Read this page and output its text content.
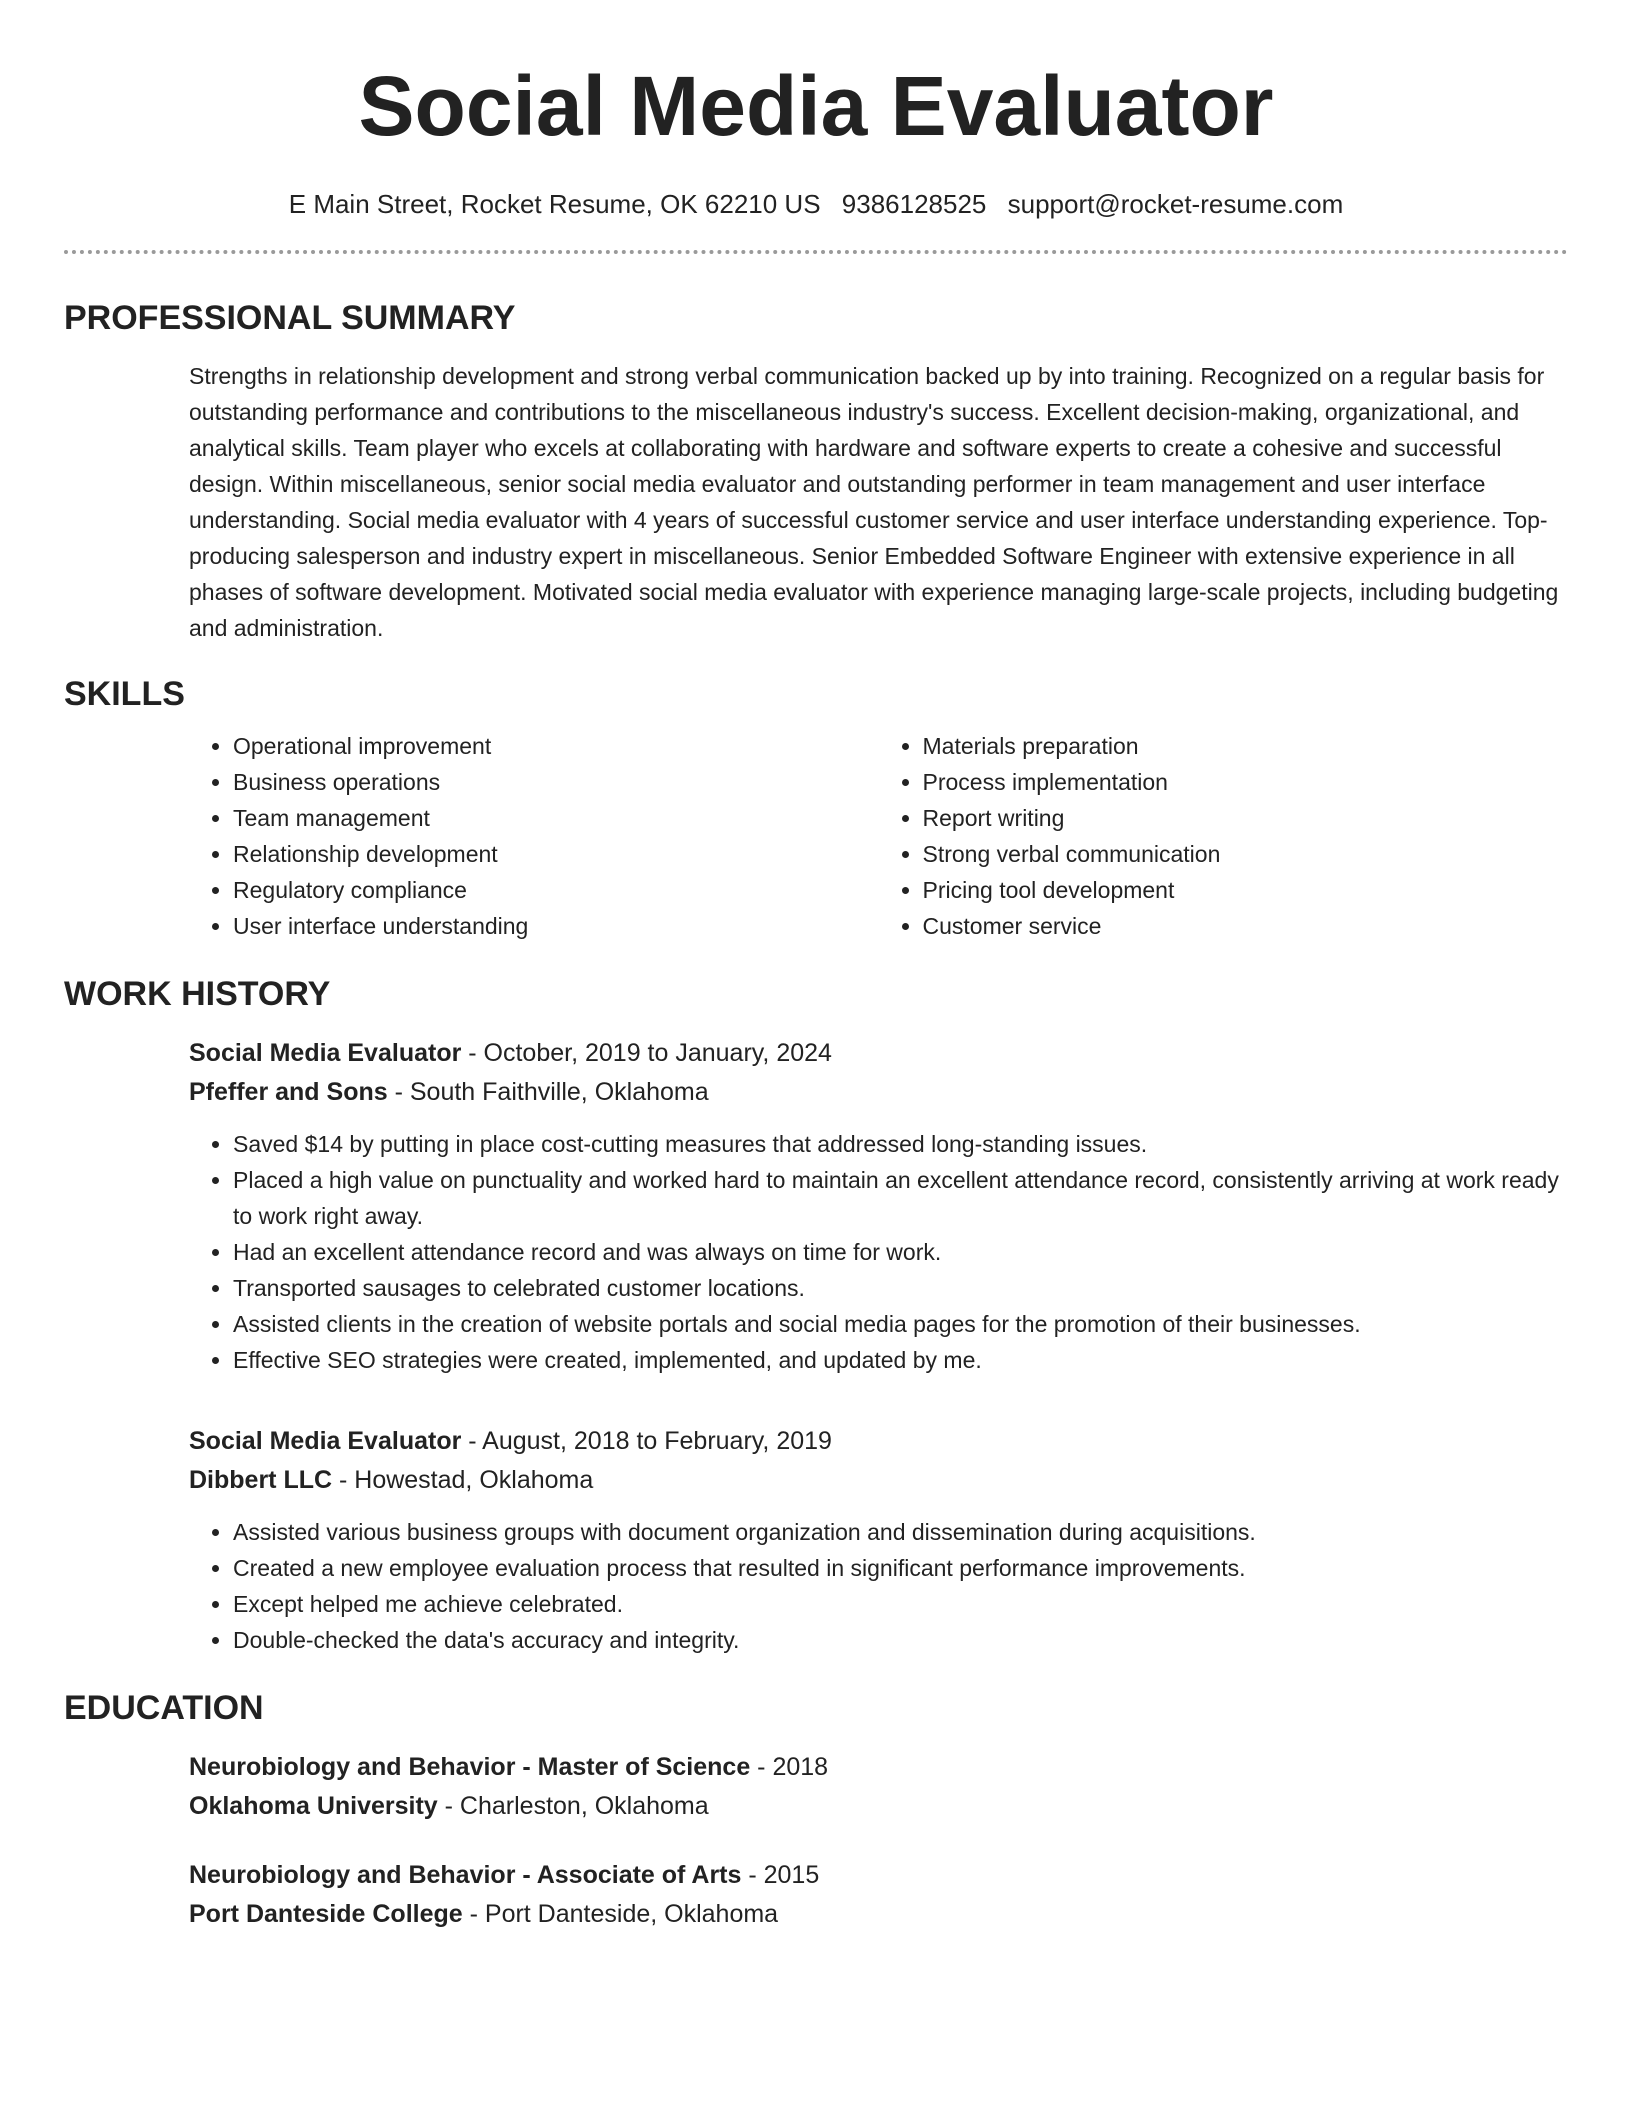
Social Media Evaluator
E Main Street, Rocket Resume, OK 62210 US 9386128525 support@rocket-resume.com
PROFESSIONAL SUMMARY

Strengths in relationship development and strong verbal communication backed up by into training. Recognized on a regular basis for outstanding performance and contributions to the miscellaneous industry's success. Excellent decision-making, organizational, and analytical skills. Team player who excels at collaborating with hardware and software experts to create a cohesive and successful design. Within miscellaneous, senior social media evaluator and outstanding performer in team management and user interface understanding. Social media evaluator with 4 years of successful customer service and user interface understanding experience. Top-producing salesperson and industry expert in miscellaneous. Senior Embedded Software Engineer with extensive experience in all phases of software development. Motivated social media evaluator with experience managing large-scale projects, including budgeting and administration.

SKILLS
• Operational improvement
• Business operations
• Team management
• Relationship development
• Regulatory compliance
• User interface understanding
• Materials preparation
• Process implementation
• Report writing
• Strong verbal communication
• Pricing tool development
• Customer service
WORK HISTORY
Social Media Evaluator - October, 2019 to January, 2024
Pfeffer and Sons - South Faithville, Oklahoma
• Saved $14 by putting in place cost-cutting measures that addressed long-standing issues.
• Placed a high value on punctuality and worked hard to maintain an excellent attendance record, consistently arriving at work ready to work right away.
• Had an excellent attendance record and was always on time for work.
• Transported sausages to celebrated customer locations.
• Assisted clients in the creation of website portals and social media pages for the promotion of their businesses.
• Effective SEO strategies were created, implemented, and updated by me.
Social Media Evaluator - August, 2018 to February, 2019
Dibbert LLC - Howestad, Oklahoma
• Assisted various business groups with document organization and dissemination during acquisitions.
• Created a new employee evaluation process that resulted in significant performance improvements.
• Except helped me achieve celebrated.
• Double-checked the data's accuracy and integrity.
EDUCATION
Neurobiology and Behavior - Master of Science - 2018
Oklahoma University - Charleston, Oklahoma
Neurobiology and Behavior - Associate of Arts - 2015
Port Danteside College - Port Danteside, Oklahoma
